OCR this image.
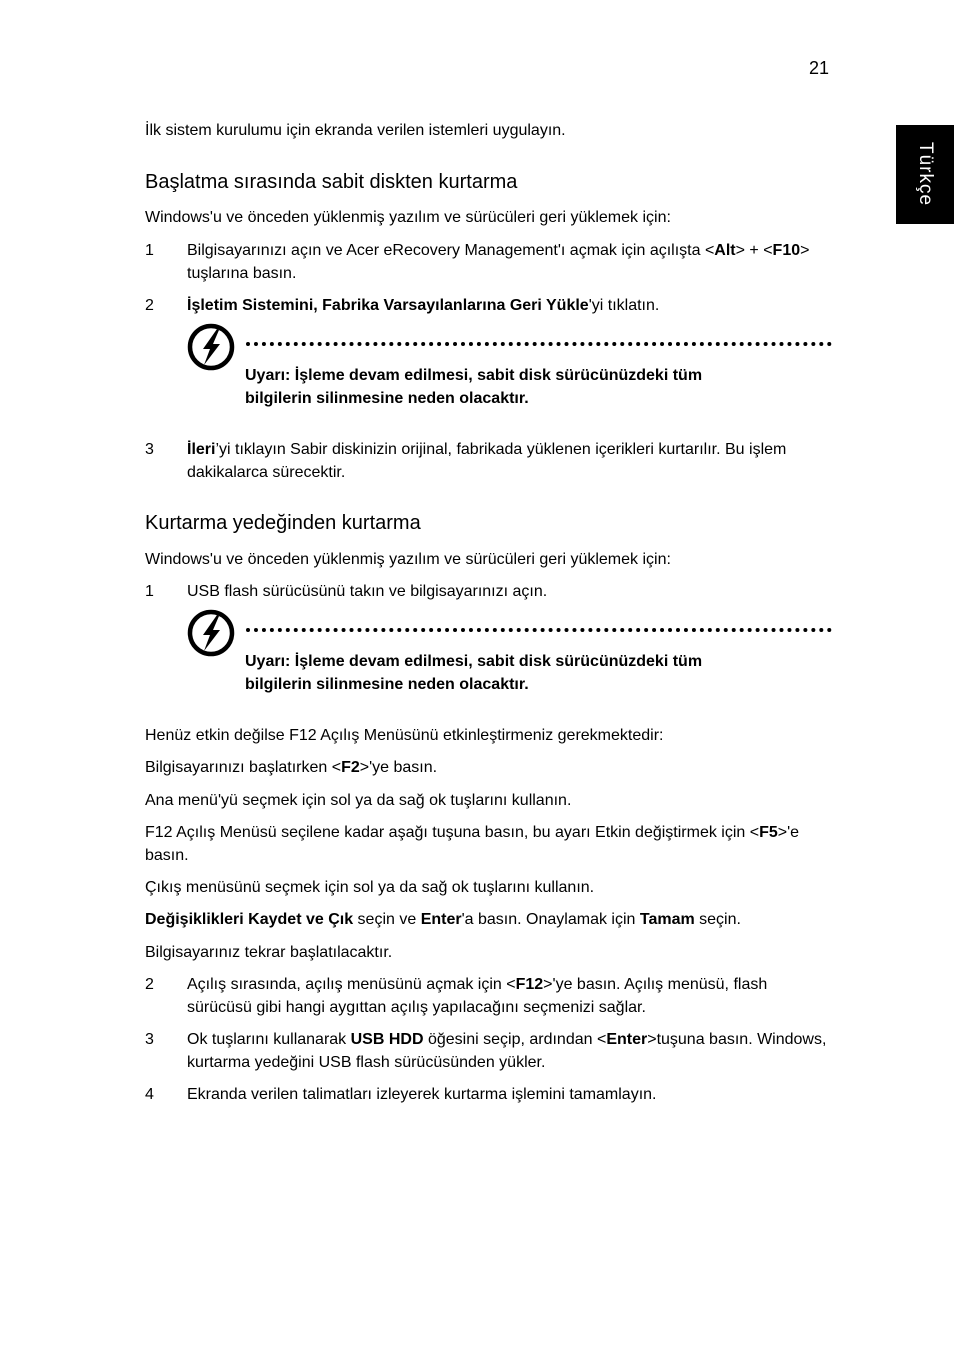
21
Türkçe
İlk sistem kurulumu için ekranda verilen istemleri uygulayın.
Başlatma sırasında sabit diskten kurtarma
Windows'u ve önceden yüklenmiş yazılım ve sürücüleri geri yüklemek için:
1 Bilgisayarınızı açın ve Acer eRecovery Management'ı açmak için açılışta <Alt> + <F10> tuşlarına basın.
2 İşletim Sistemini, Fabrika Varsayılanlarına Geri Yükle'yi tıklatın.
Uyarı: İşleme devam edilmesi, sabit disk sürücünüzdeki tüm
bilgilerin silinmesine neden olacaktır.
3 İleri’yi tıklayın Sabir diskinizin orijinal, fabrikada yüklenen içerikleri kurtarılır. Bu işlem dakikalarca sürecektir.
Kurtarma yedeğinden kurtarma
Windows'u ve önceden yüklenmiş yazılım ve sürücüleri geri yüklemek için:
1 USB flash sürücüsünü takın ve bilgisayarınızı açın.
Uyarı: İşleme devam edilmesi, sabit disk sürücünüzdeki tüm
bilgilerin silinmesine neden olacaktır.
Henüz etkin değilse F12 Açılış Menüsünü etkinleştirmeniz gerekmektedir:
Bilgisayarınızı başlatırken <F2>'ye basın.
Ana menü'yü seçmek için sol ya da sağ ok tuşlarını kullanın.
F12 Açılış Menüsü seçilene kadar aşağı tuşuna basın, bu ayarı Etkin değiştirmek için <F5>'e basın.
Çıkış menüsünü seçmek için sol ya da sağ ok tuşlarını kullanın.
Değişiklikleri Kaydet ve Çık seçin ve Enter'a basın. Onaylamak için Tamam seçin.
Bilgisayarınız tekrar başlatılacaktır.
2 Açılış sırasında, açılış menüsünü açmak için <F12>'ye basın. Açılış menüsü, flash sürücüsü gibi hangi aygıttan açılış yapılacağını seçmenizi sağlar.
3 Ok tuşlarını kullanarak USB HDD öğesini seçip, ardından <Enter>tuşuna basın. Windows, kurtarma yedeğini USB flash sürücüsünden yükler.
4 Ekranda verilen talimatları izleyerek kurtarma işlemini tamamlayın.
